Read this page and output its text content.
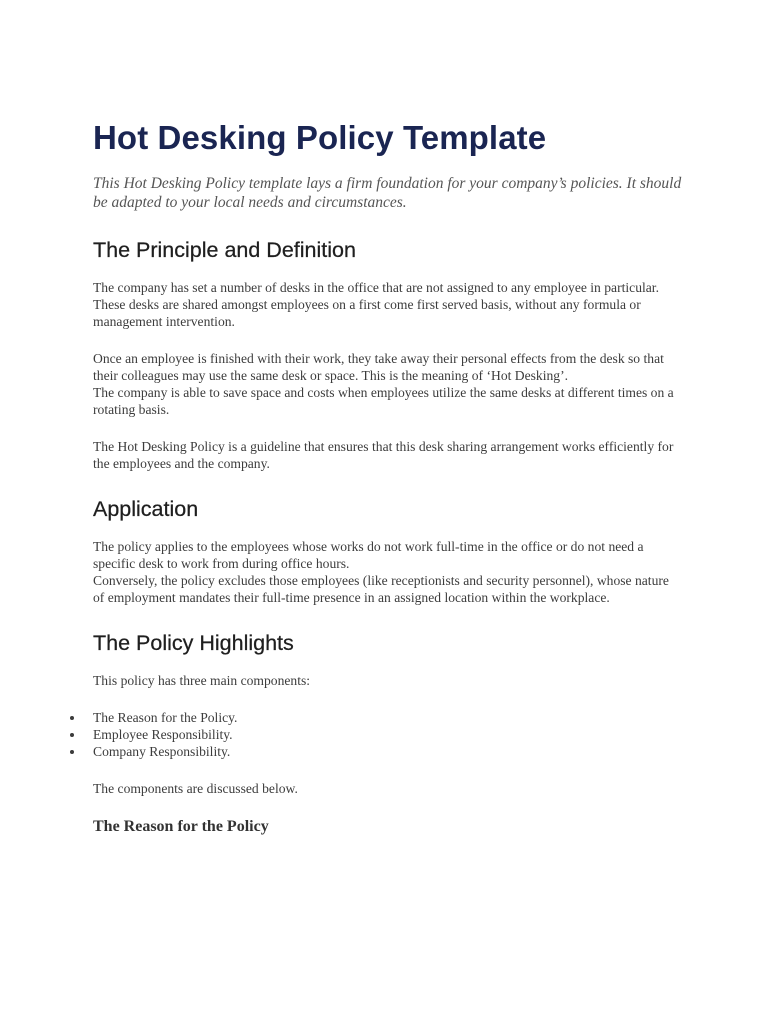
Hot Desking Policy Template

This Hot Desking Policy template lays a firm foundation for your company’s policies. It should be adapted to your local needs and circumstances.

The Principle and Definition

The company has set a number of desks in the office that are not assigned to any employee in particular. These desks are shared amongst employees on a first come first served basis, without any formula or management intervention.

Once an employee is finished with their work, they take away their personal effects from the desk so that their colleagues may use the same desk or space. This is the meaning of ‘Hot Desking’.

The company is able to save space and costs when employees utilize the same desks at different times on a rotating basis.

The Hot Desking Policy is a guideline that ensures that this desk sharing arrangement works efficiently for the employees and the company.

Application

The policy applies to the employees whose works do not work full-time in the office or do not need a specific desk to work from during office hours.

Conversely, the policy excludes those employees (like receptionists and security personnel), whose nature of employment mandates their full-time presence in an assigned location within the workplace.

The Policy Highlights

This policy has three main components:

The Reason for the Policy.
Employee Responsibility.
Company Responsibility.

The components are discussed below.

The Reason for the Policy
